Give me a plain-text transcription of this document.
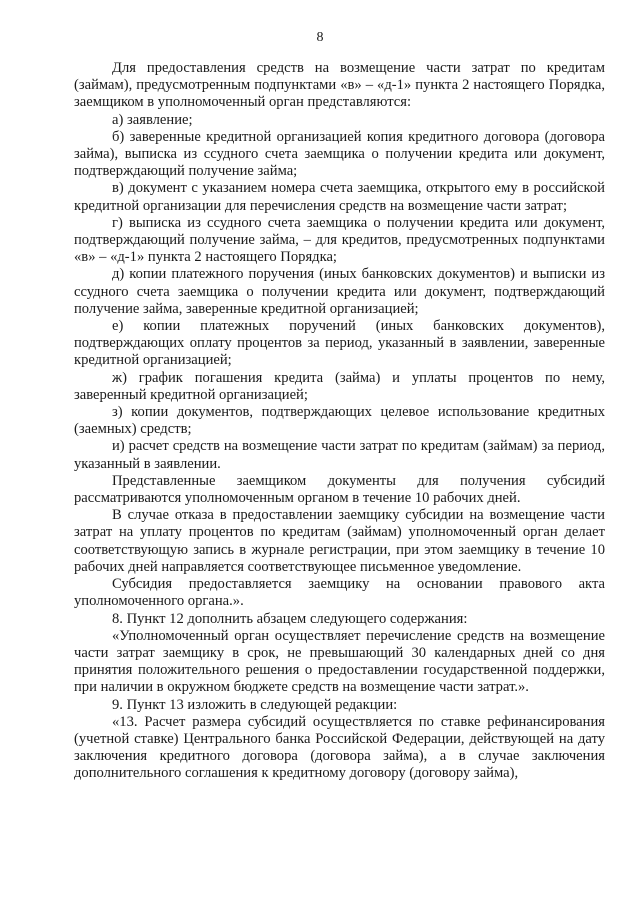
8

Для предоставления средств на возмещение части затрат по кредитам (займам), предусмотренным подпунктами «в» – «д-1» пункта 2 настоящего Порядка, заемщиком в уполномоченный орган представляются:

а) заявление;

б) заверенные кредитной организацией копия кредитного договора (договора займа), выписка из ссудного счета заемщика о получении кредита или документ, подтверждающий получение займа;

в) документ с указанием номера счета заемщика, открытого ему в российской кредитной организации для перечисления средств на возмещение части затрат;

г) выписка из ссудного счета заемщика о получении кредита или документ, подтверждающий получение займа, – для кредитов, предусмотренных подпунктами «в» – «д-1» пункта 2 настоящего Порядка;

д) копии платежного поручения (иных банковских документов) и выписки из ссудного счета заемщика о получении кредита или документ, подтверждающий получение займа, заверенные кредитной организацией;

е) копии платежных поручений (иных банковских документов), подтверждающих оплату процентов за период, указанный в заявлении, заверенные кредитной организацией;

ж) график погашения кредита (займа) и уплаты процентов по нему, заверенный кредитной организацией;

з) копии документов, подтверждающих целевое использование кредитных (заемных) средств;

и) расчет средств на возмещение части затрат по кредитам (займам) за период, указанный в заявлении.

Представленные заемщиком документы для получения субсидий рассматриваются уполномоченным органом в течение 10 рабочих дней.

В случае отказа в предоставлении заемщику субсидии на возмещение части затрат на уплату процентов по кредитам (займам) уполномоченный орган делает соответствующую запись в журнале регистрации, при этом заемщику в течение 10 рабочих дней направляется соответствующее письменное уведомление.

Субсидия предоставляется заемщику на основании правового акта уполномоченного органа.».

8. Пункт 12 дополнить абзацем следующего содержания:

«Уполномоченный орган осуществляет перечисление средств на возмещение части затрат заемщику в срок, не превышающий 30 календарных дней со дня принятия положительного решения о предоставлении государственной поддержки, при наличии в окружном бюджете средств на возмещение части затрат.».

9. Пункт 13 изложить в следующей редакции:

«13. Расчет размера субсидий осуществляется по ставке рефинансирования (учетной ставке) Центрального банка Российской Федерации, действующей на дату заключения кредитного договора (договора займа), а в случае заключения дополнительного соглашения к кредитному договору (договору займа),
